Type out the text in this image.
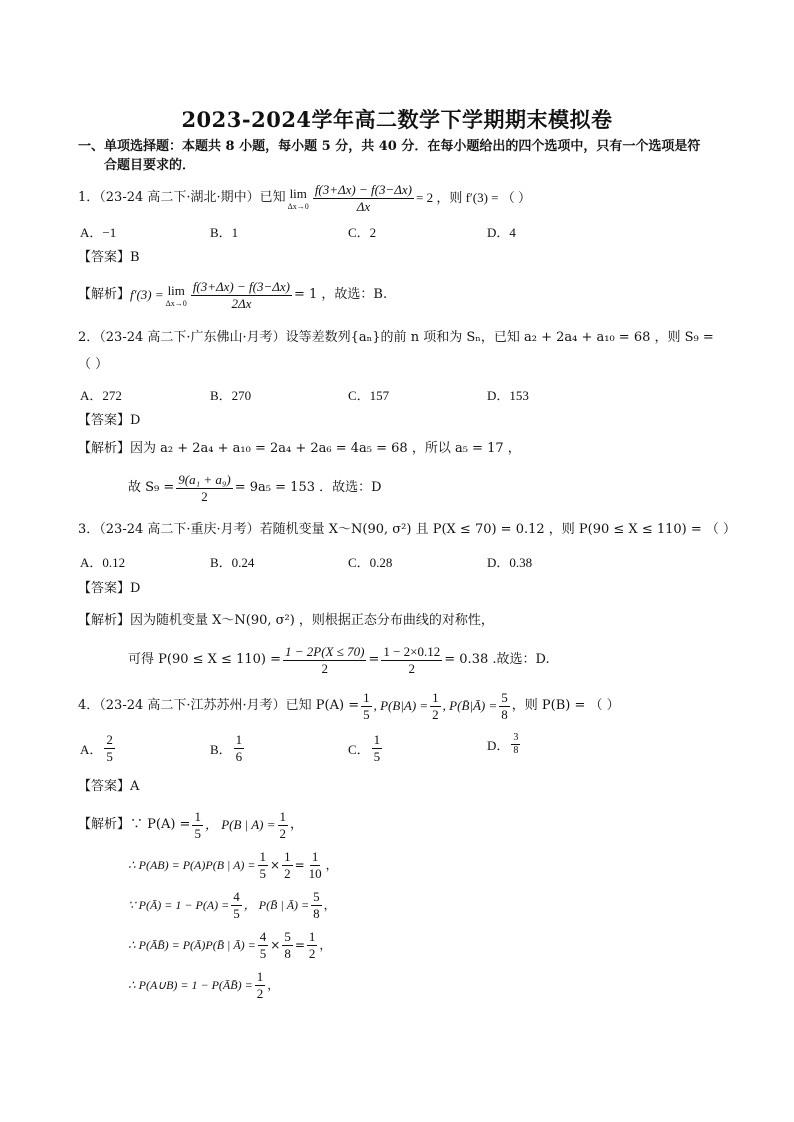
2023-2024学年高二数学下学期期末模拟卷
一、单项选择题：本题共 8 小题，每小题 5 分，共 40 分．在每小题给出的四个选项中，只有一个选项是符
合题目要求的．
1．（23-24 高二下·湖北·期中）已知 lim
$\Delta x\to 0 \frac{f(3+\Delta x) - f(3-\Delta x)}{\Delta x} = 2$ ，则 f′(3) = （ ）
A．−1	B．1	C．2	D．4
【答案】B
【解析】 f′(3) = lim
$\Delta x\to 0 \frac{f(3+\Delta x) - f(3-\Delta x)}{2\Delta x} = 1$ ，故选：B.
2．（23-24 高二下·广东佛山·月考）设等差数列{aₙ}的前 n 项和为 Sₙ，已知 a₂ + 2a₄ + a₁₀ = 68 ，则 S₉ =
（ ）
A．272	B．270	C．157	D．153
【答案】D
【解析】因为 a₂ + 2a₄ + a₁₀ = 2a₄ + 2a₆ = 4a₅ = 68 ，所以 a₅ = 17 ，
故 $S_9 = \frac{\text{9(a₁ + a₉)}}{2} = 9a_5 = 153$ ．故选：D
3．（23-24 高二下·重庆·月考）若随机变量 X～N(90, σ²) 且 P(X ≤ 70) = 0.12 ，则 P(90 ≤ X ≤ 110) = （ ）
A．0.12	B．0.24	C．0.28	D．0.38
【答案】D
【解析】因为随机变量 X～N(90, σ²) ，则根据正态分布曲线的对称性，
可得 $P(90 \le X \le 110) = \frac{1 - 2P(X \le 70)}{2} = \frac{1 - 2\times 0.12}{2} = 0.38$ .故选：D.
4．（23-24 高二下·江苏苏州·月考）已知 $P(A) = \frac{1}{5}$ , $P(B|A) = \frac{1}{2}$ , P(B̄|Ā) = $\frac{5}{8}$ ，则 P(B) = （ ）
A． $\frac{2}{5}$	B． $\frac{1}{6}$	C． $\frac{1}{5}$	D． $\frac{3}{8}$
【答案】A
【解析】∵ $P(A) = \frac{1}{5}$ ， P(B | $A) = \frac{1}{2}$ ，
∴ P(AB) = P(A)P(B | $A) = \frac{1}{5} \times \frac{1}{2} = \frac{1}{10}$ ，
∵ P(Ā) = $1 - P(A) = \frac{4}{5}$ ， P(B̄ | Ā) = $\frac{5}{8}$ ，
∴ P(ĀB̄) = P(Ā)P(B̄ | Ā) = $\frac{4}{5} \times \frac{5}{8} = \frac{1}{2}$ ，
∴ P(A∪B) = 1 − P(ĀB̄) = $\frac{1}{2}$ ，
